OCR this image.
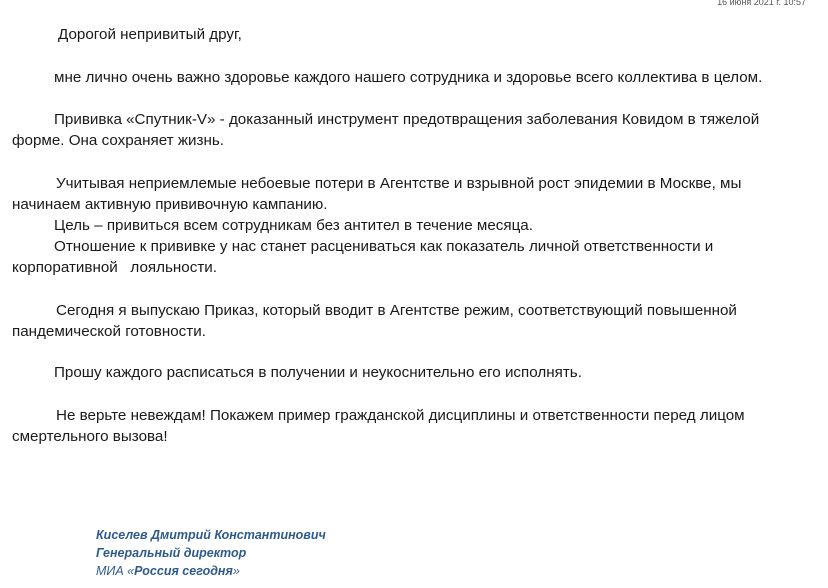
16 июня 2021 г. 10:57
Дорогой непривитый друг,
мне лично очень важно здоровье каждого нашего сотрудника и здоровье всего коллектива в целом.
Прививка «Спутник-V» - доказанный инструмент предотвращения заболевания Ковидом в тяжелой
форме. Она сохраняет жизнь.
Учитывая неприемлемые небоевые потери в Агентстве и взрывной рост эпидемии в Москве, мы
начинаем активную прививочную кампанию.
Цель – привиться всем сотрудникам без антител в течение месяца.
Отношение к прививке у нас станет расцениваться как показатель личной ответственности и
корпоративной   лояльности.
Сегодня я выпускаю Приказ, который вводит в Агентстве режим, соответствующий повышенной
пандемической готовности.
Прошу каждого расписаться в получении и неукоснительно его исполнять.
Не верьте невеждам! Покажем пример гражданской дисциплины и ответственности перед лицом
смертельного вызова!
Киселев Дмитрий Константинович
Генеральный директор
МИА «Россия сегодня»
